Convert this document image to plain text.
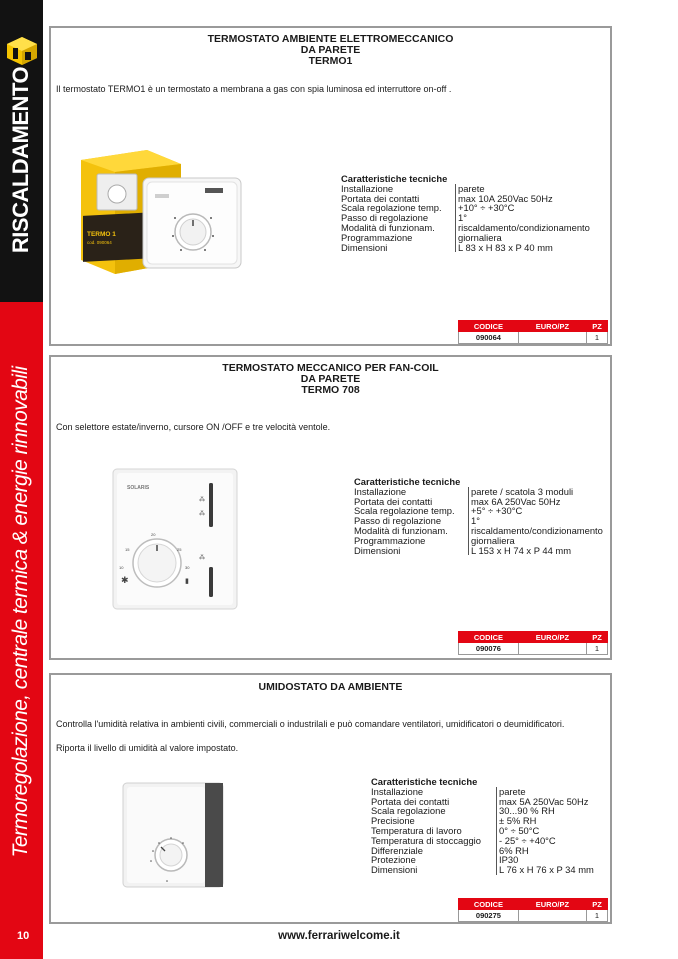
RISCALDAMENTO
Termoregolazione, centrale termica & energie rinnovabili
10
TERMOSTATO AMBIENTE ELETTROMECCANICO
DA PARETE
TERMO1
Il termostato TERMO1 è un termostato a membrana a gas con spia luminosa ed interruttore on-off .
TERMO 1
cod. 090064
Caratteristiche tecniche
Installazione	parete
Portata dei contatti	max 10A 250Vac 50Hz
Scala regolazione temp.	+10° ÷ +30°C
Passo di regolazione	1°
Modalità di funzionam.	riscaldamento/condizionamento
Programmazione	giornaliera
Dimensioni	L 83 x H 83 x P 40 mm
CODICE	EURO/PZ	PZ
090064		1
TERMOSTATO MECCANICO PER FAN-COIL
DA PARETE
TERMO 708
Con selettore estate/inverno, cursore ON /OFF e tre velocità ventole.
SOLARIS
⁂
⁂
⁂
10
15
20
25
30
✱	▮
Caratteristiche tecniche
Installazione	parete / scatola 3 moduli
Portata dei contatti	max 6A 250Vac 50Hz
Scala regolazione temp.	+5° ÷ +30°C
Passo di regolazione	1°
Modalità di funzionam.	riscaldamento/condizionamento
Programmazione	giornaliera
Dimensioni	L 153 x H 74 x P 44 mm
CODICE	EURO/PZ	PZ
090076		1
UMIDOSTATO DA AMBIENTE
Controlla l'umidità relativa in ambienti civili, commerciali o industrilali e può comandare ventilatori, umidificatori o deumidificatori.
Riporta il livello di umidità al valore impostato.
Caratteristiche tecniche
Installazione	parete
Portata dei contatti	max 5A 250Vac 50Hz
Scala regolazione	30...90 % RH
Precisione	± 5% RH
Temperatura di lavoro	0° ÷ 50°C
Temperatura di stoccaggio	- 25° ÷ +40°C
Differenziale	6% RH
Protezione	IP30
Dimensioni	L 76 x H 76 x P 34 mm
CODICE	EURO/PZ	PZ
090275		1
www.ferrariwelcome.it
